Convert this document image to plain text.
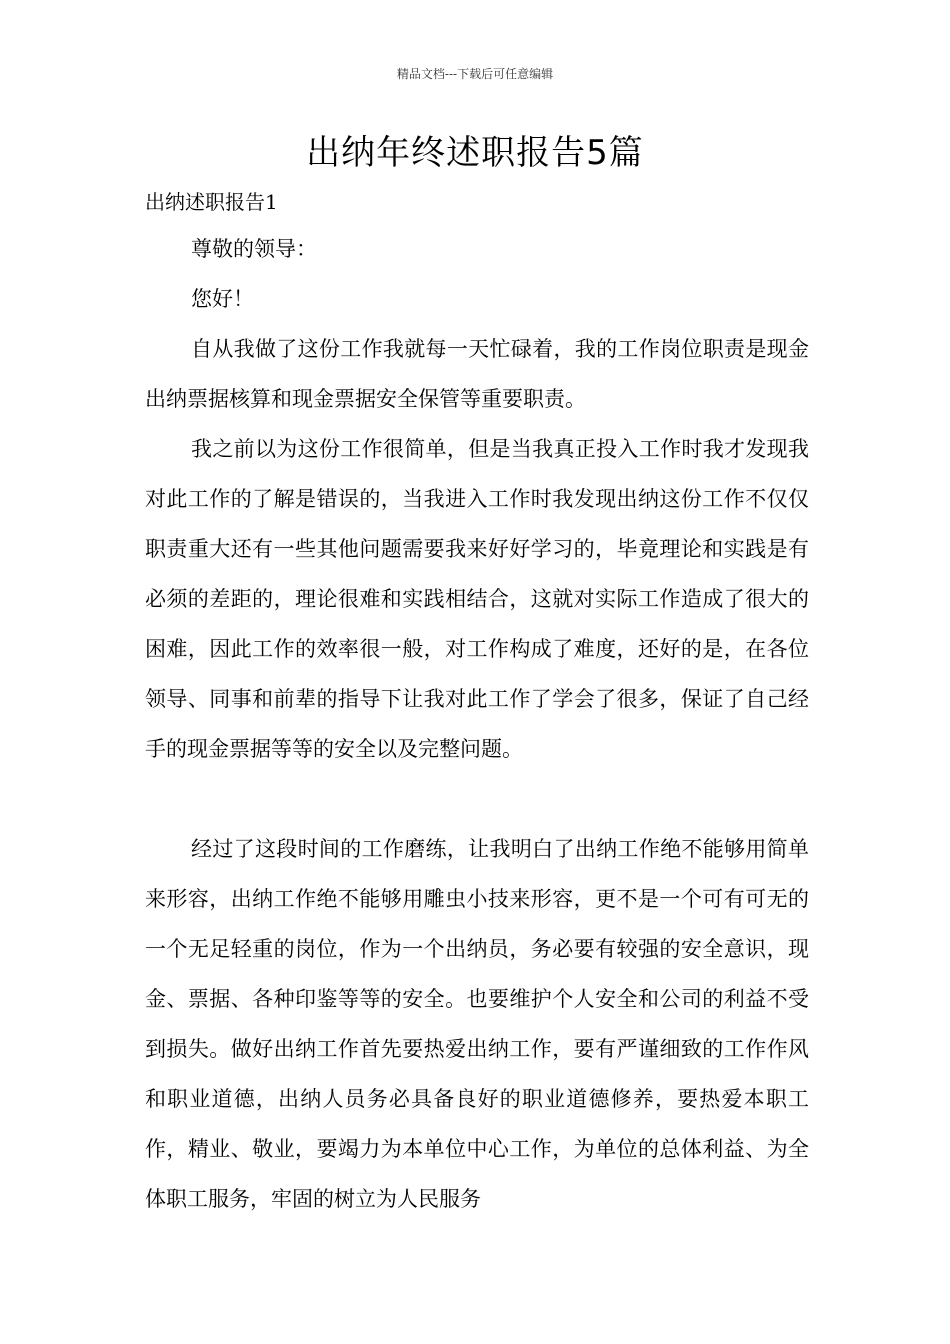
精品文档---下载后可任意编辑
出纳年终述职报告5篇

出纳述职报告1

尊敬的领导：

您好！

自从我做了这份工作我就每一天忙碌着，我的工作岗位职责是现金出纳票据核算和现金票据安全保管等重要职责。

我之前以为这份工作很简单，但是当我真正投入工作时我才发现我对此工作的了解是错误的，当我进入工作时我发现出纳这份工作不仅仅职责重大还有一些其他问题需要我来好好学习的，毕竟理论和实践是有必须的差距的，理论很难和实践相结合，这就对实际工作造成了很大的困难，因此工作的效率很一般，对工作构成了难度，还好的是，在各位领导、同事和前辈的指导下让我对此工作了学会了很多，保证了自己经手的现金票据等等的安全以及完整问题。

经过了这段时间的工作磨练，让我明白了出纳工作绝不能够用简单来形容，出纳工作绝不能够用雕虫小技来形容，更不是一个可有可无的一个无足轻重的岗位，作为一个出纳员，务必要有较强的安全意识，现金、票据、各种印鉴等等的安全。也要维护个人安全和公司的利益不受到损失。做好出纳工作首先要热爱出纳工作，要有严谨细致的工作作风和职业道德，出纳人员务必具备良好的职业道德修养，要热爱本职工作，精业、敬业，要竭力为本单位中心工作，为单位的总体利益、为全体职工服务，牢固的树立为人民服务
